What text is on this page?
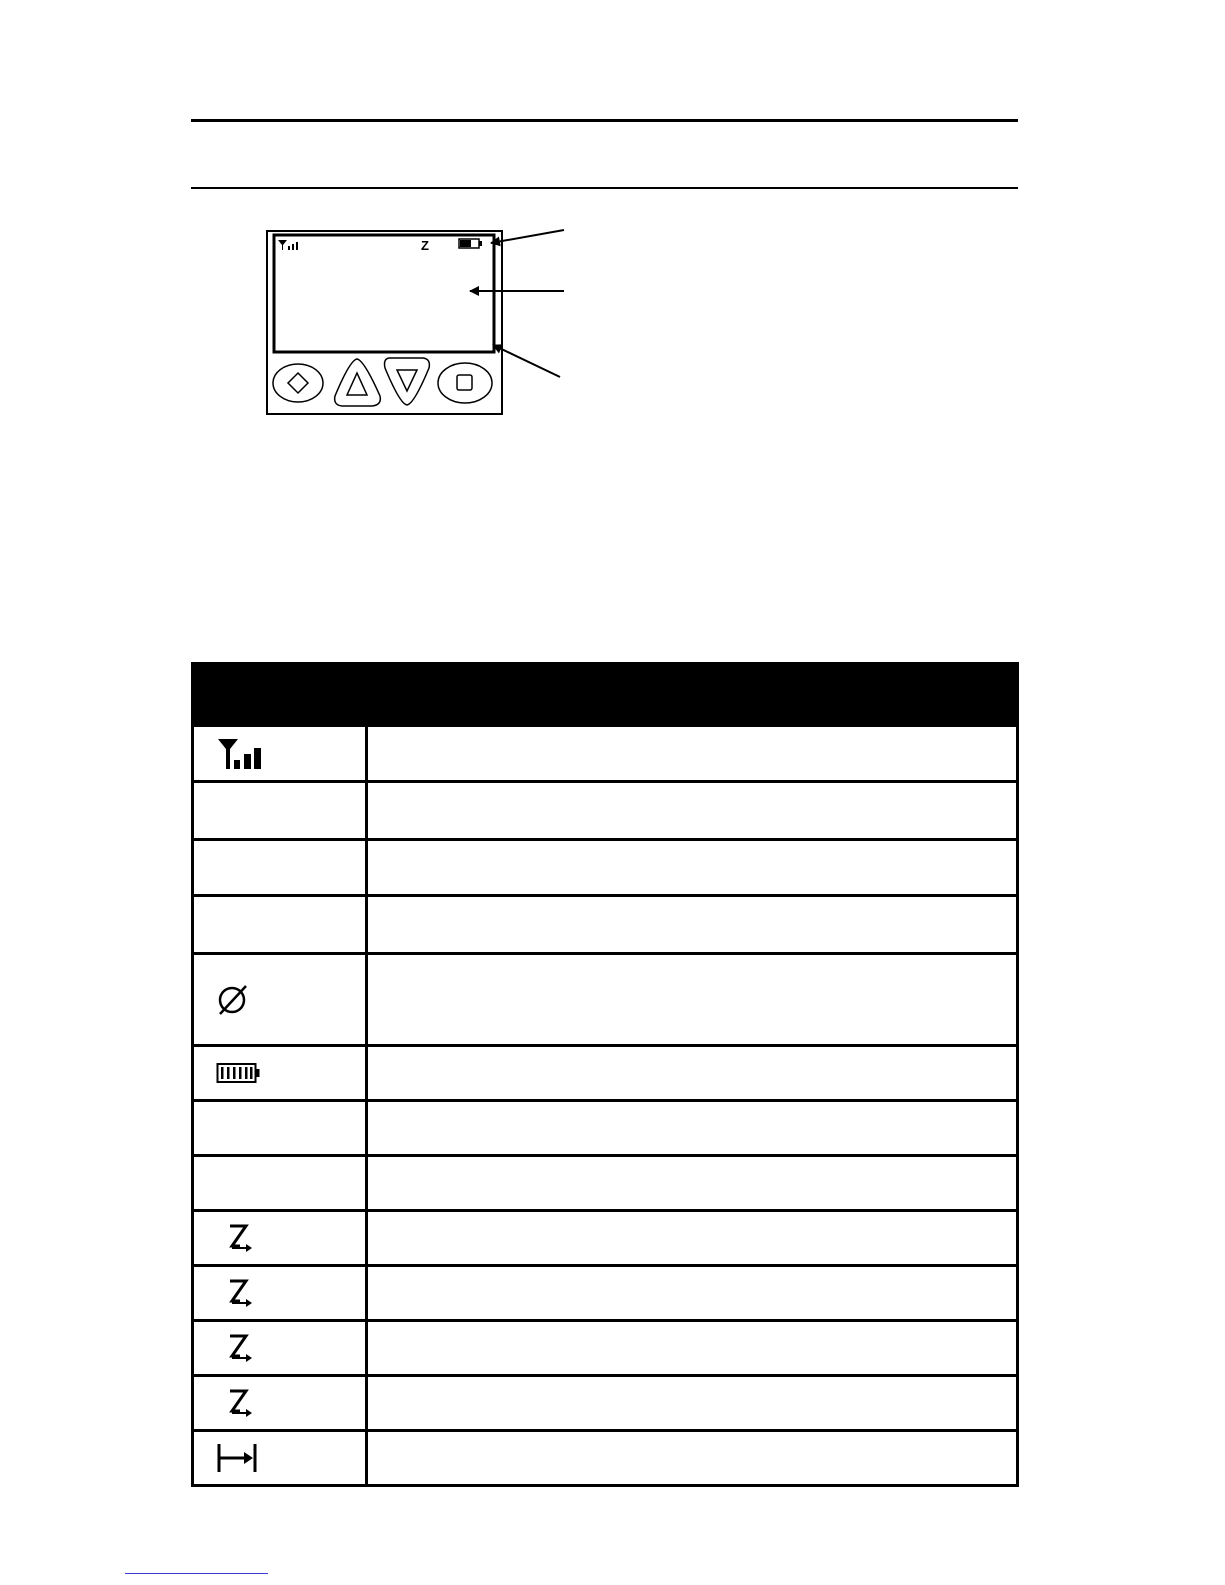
Z
